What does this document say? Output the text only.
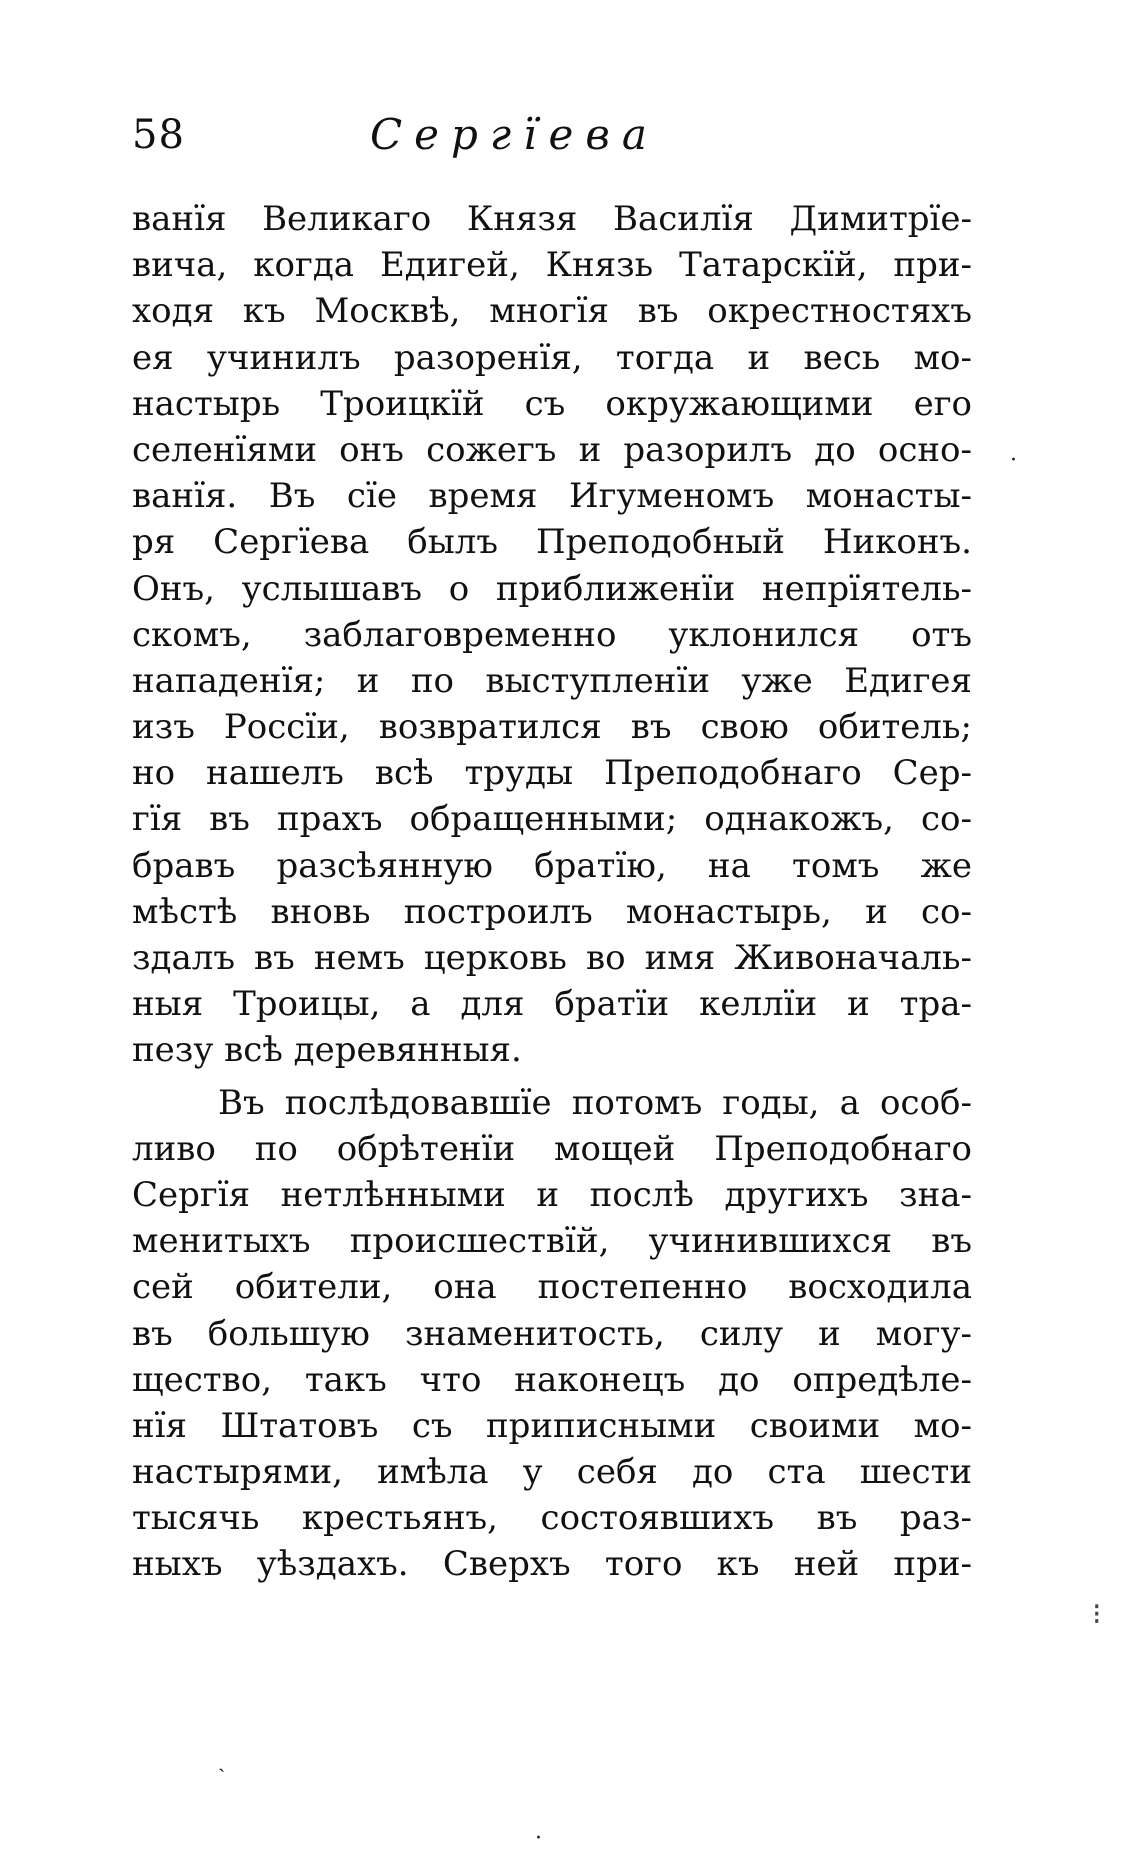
58	Сергїева
ванїя Великаго Князя Василїя Димитрїе-
вича, когда Едигей, Князь Татарскїй, при-
ходя къ Москвѣ, многїя въ окрестностяхъ
ея учинилъ разоренїя, тогда и весь мо-
настырь Троицкїй съ окружающими его
селенїями онъ сожегъ и разорилъ до осно-
ванїя. Въ сїе время Игуменомъ монасты-
ря Сергїева былъ Преподобный Никонъ.
Онъ, услышавъ о приближенїи непрїятель-
скомъ, заблаговременно уклонился отъ
нападенїя; и по выступленїи уже Едигея
изъ Россїи, возвратился въ свою обитель;
но нашелъ всѣ труды Преподобнаго Сер-
гїя въ прахъ обращенными; однакожъ, со-
бравъ разсѣянную братїю, на томъ же
мѣстѣ вновь построилъ монастырь, и со-
здалъ въ немъ церковь во имя Живоначаль-
ныя Троицы, а для братїи келлїи и тра-
пезу всѣ деревянныя.
Въ послѣдовавшїе потомъ годы, а особ-
ливо по обрѣтенїи мощей Преподобнаго
Сергїя нетлѣнными и послѣ другихъ зна-
менитыхъ происшествїй, учинившихся въ
сей обители, она постепенно восходила
въ большую знаменитость, силу и могу-
щество, такъ что наконецъ до опредѣле-
нїя Штатовъ съ приписными своими мо-
настырями, имѣла у себя до ста шести
тысячь крестьянъ, состоявшихъ въ раз-
ныхъ уѣздахъ. Сверхъ того къ ней при-
⁝
ˏ
·
·
